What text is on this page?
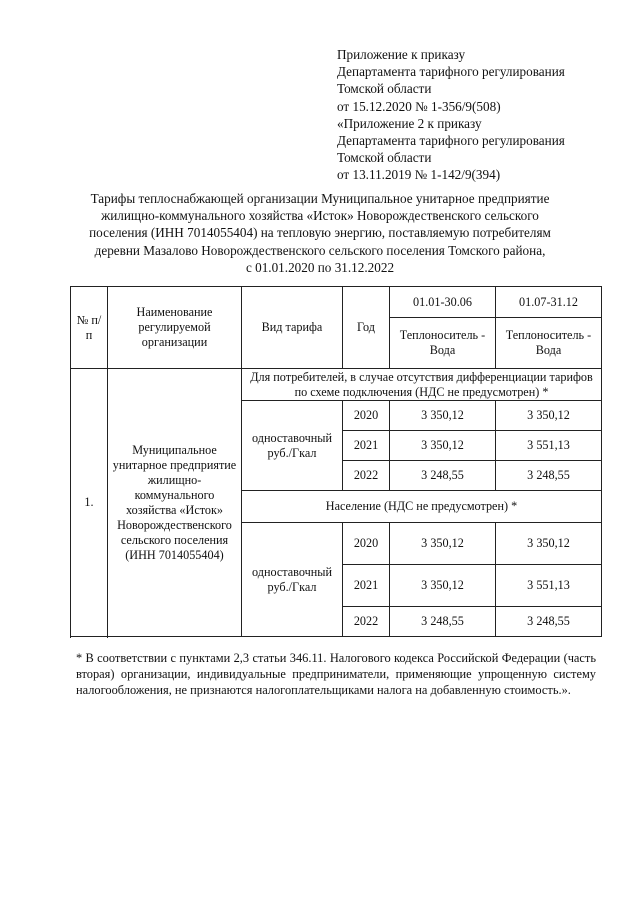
Приложение к приказу
Департамента тарифного регулирования
Томской области
от 15.12.2020 № 1-356/9(508)
«Приложение 2 к приказу
Департамента тарифного регулирования
Томской области
от 13.11.2019 № 1-142/9(394)
Тарифы теплоснабжающей организации Муниципальное унитарное предприятие
жилищно-коммунального хозяйства «Исток» Новорождественского сельского
поселения (ИНН 7014055404) на тепловую энергию, поставляемую потребителям
деревни Мазалово Новорождественского сельского поселения Томского района,
с 01.01.2020 по 31.12.2022
№ п/п	Наименование регулируемой организации	Вид тарифа	Год	01.01-30.06	01.07-31.12
				Теплоноситель - Вода	Теплоноситель - Вода
1.	Муниципальное унитарное предприятие жилищно-коммунального хозяйства «Исток» Новорождественского сельского поселения (ИНН 7014055404)	Для потребителей, в случае отсутствия дифференциации тарифов по схеме подключения (НДС не предусмотрен) *			
		одноставочный руб./Гкал	2020	3 350,12	3 350,12
			2021	3 350,12	3 551,13
			2022	3 248,55	3 248,55
		Население (НДС не предусмотрен) *			
		одноставочный руб./Гкал	2020	3 350,12	3 350,12
			2021	3 350,12	3 551,13
			2022	3 248,55	3 248,55

* В соответствии с пунктами 2,3 статьи 346.11. Налогового кодекса Российской Федерации (часть вторая) организации, индивидуальные предприниматели, применяющие упрощенную систему налогообложения, не признаются налогоплательщиками налога на добавленную стоимость.».
